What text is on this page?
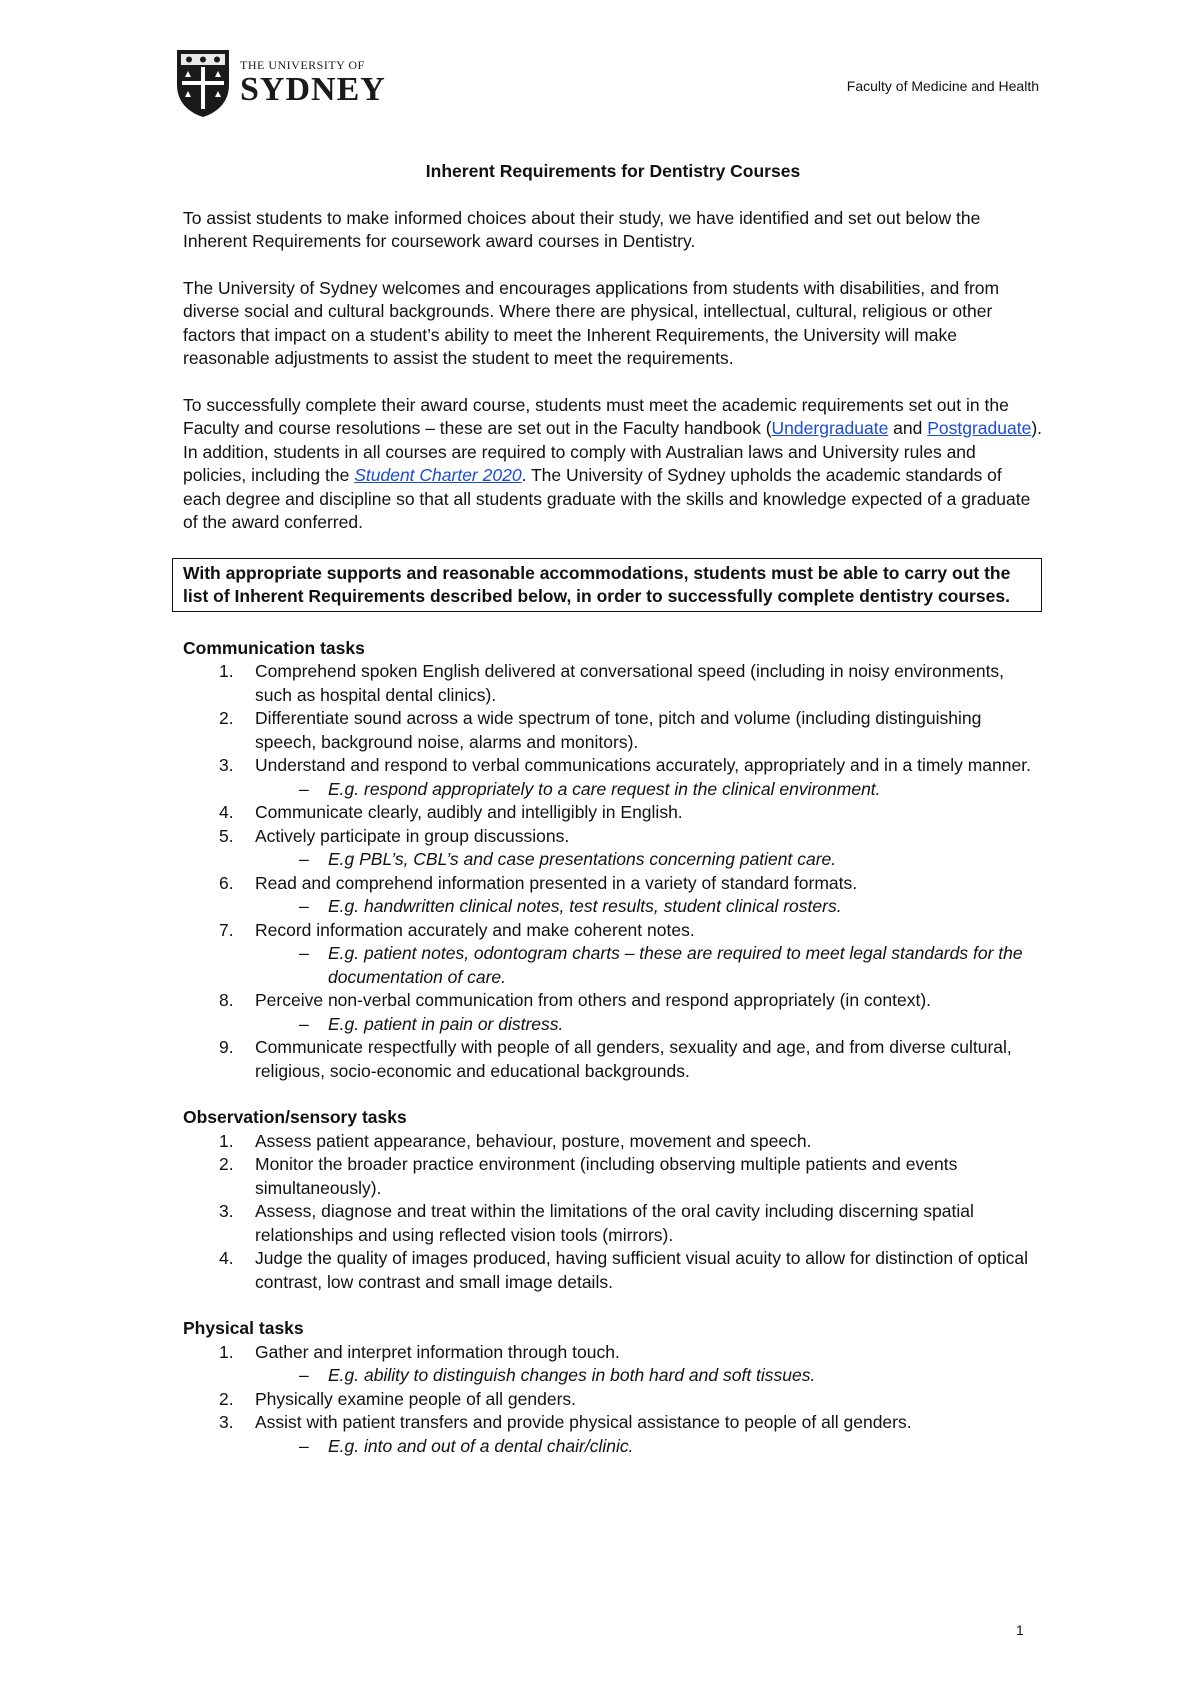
THE UNIVERSITY OF
SYDNEY	Faculty of Medicine and Health
Inherent Requirements for Dentistry Courses

To assist students to make informed choices about their study, we have identified and set out below the Inherent Requirements for coursework award courses in Dentistry.

The University of Sydney welcomes and encourages applications from students with disabilities, and from diverse social and cultural backgrounds. Where there are physical, intellectual, cultural, religious or other factors that impact on a student’s ability to meet the Inherent Requirements, the University will make reasonable adjustments to assist the student to meet the requirements.

To successfully complete their award course, students must meet the academic requirements set out in the Faculty and course resolutions – these are set out in the Faculty handbook (Undergraduate and Postgraduate). In addition, students in all courses are required to comply with Australian laws and University rules and policies, including the Student Charter 2020. The University of Sydney upholds the academic standards of each degree and discipline so that all students graduate with the skills and knowledge expected of a graduate of the award conferred.

With appropriate supports and reasonable accommodations, students must be able to carry out the list of Inherent Requirements described below, in order to successfully complete dentistry courses.
Communication tasks
1. Comprehend spoken English delivered at conversational speed (including in noisy environments, such as hospital dental clinics).
2. Differentiate sound across a wide spectrum of tone, pitch and volume (including distinguishing speech, background noise, alarms and monitors).
3. Understand and respond to verbal communications accurately, appropriately and in a timely manner.
– E.g. respond appropriately to a care request in the clinical environment.
4. Communicate clearly, audibly and intelligibly in English.
5. Actively participate in group discussions.
– E.g PBL’s, CBL’s and case presentations concerning patient care.
6. Read and comprehend information presented in a variety of standard formats.
– E.g. handwritten clinical notes, test results, student clinical rosters.
7. Record information accurately and make coherent notes.
– E.g. patient notes, odontogram charts – these are required to meet legal standards for the documentation of care.
8. Perceive non-verbal communication from others and respond appropriately (in context).
– E.g. patient in pain or distress.
9. Communicate respectfully with people of all genders, sexuality and age, and from diverse cultural, religious, socio-economic and educational backgrounds.
Observation/sensory tasks
1. Assess patient appearance, behaviour, posture, movement and speech.
2. Monitor the broader practice environment (including observing multiple patients and events simultaneously).
3. Assess, diagnose and treat within the limitations of the oral cavity including discerning spatial relationships and using reflected vision tools (mirrors).
4. Judge the quality of images produced, having sufficient visual acuity to allow for distinction of optical contrast, low contrast and small image details.
Physical tasks
1. Gather and interpret information through touch.
– E.g. ability to distinguish changes in both hard and soft tissues.
2. Physically examine people of all genders.
3. Assist with patient transfers and provide physical assistance to people of all genders.
– E.g. into and out of a dental chair/clinic.
1
